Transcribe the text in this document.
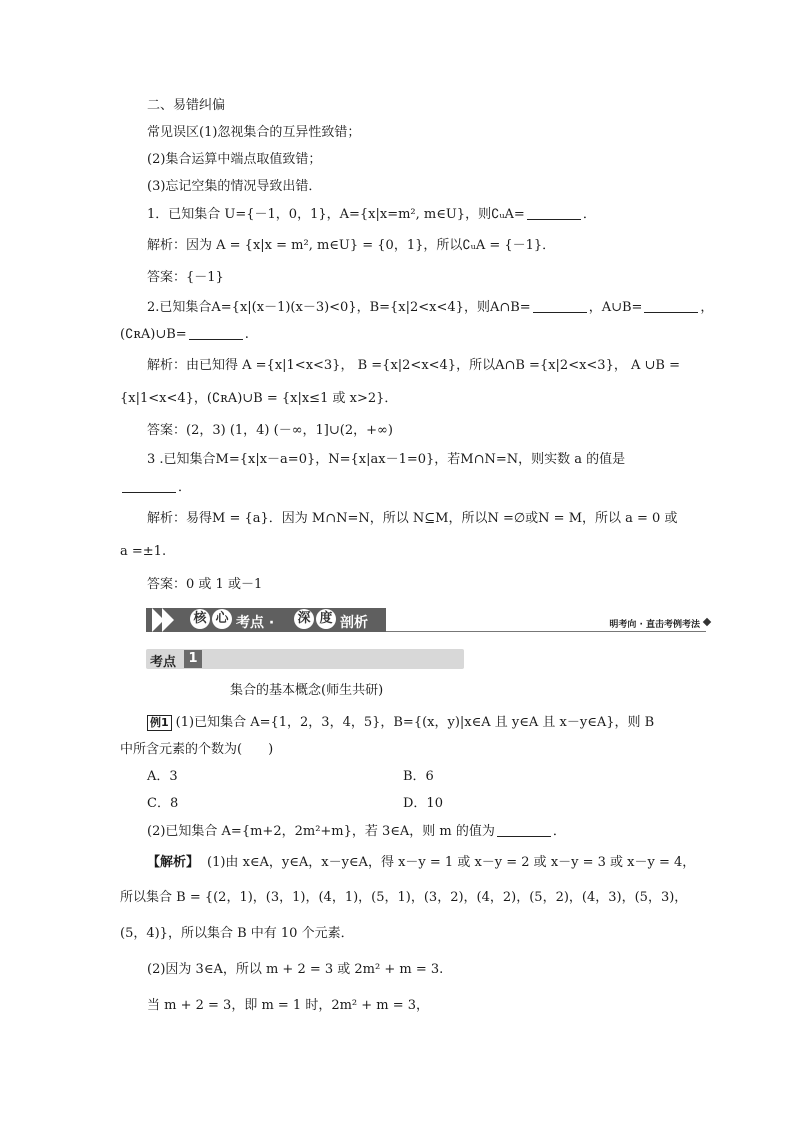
二、易错纠偏
常见误区(1)忽视集合的互异性致错；
(2)集合运算中端点取值致错；
(3)忘记空集的情况导致出错．
1．已知集合 U={－1，0，1}，A={x|x=m², m∈U}，则∁ᵤA=	．
解析：因为 A = {x|x = m², m∈U} = {0，1}，所以∁ᵤA = {－1}．
答案：{－1}
2.已知集合A={x|(x－1)(x－3)<0}，B={x|2<x<4}，则A∩B=	，A∪B=	，
(∁ʀA)∪B=	.
解析：由已知得 A ={x|1<x<3}， B ={x|2<x<4}，所以A∩B ={x|2<x<3}， A ∪B =
{x|1<x<4}，(∁ʀA)∪B = {x|x≤1 或 x>2}．
答案：(2，3) (1，4) (－∞，1]∪(2，+∞)
3 .已知集合M={x|x－a=0}，N={x|ax－1=0}，若M∩N=N，则实数 a 的值是
．
解析：易得M = {a}．因为 M∩N=N，所以 N⊆M，所以N =∅或N = M，所以 a = 0 或
a =±1.
答案：0 或 1 或－1
核 心 考点 · 深 度 剖析	明考向 · 直击考例考法
考点 1
集合的基本概念(师生共研)
例1 (1)已知集合 A={1，2，3，4，5}，B={(x，y)|x∈A 且 y∈A 且 x－y∈A}，则 B
中所含元素的个数为(　　)
A．3	B．6
C．8	D．10
(2)已知集合 A={m+2，2m²+m}，若 3∈A，则 m 的值为	．
【解析】 (1)由 x∈A，y∈A，x－y∈A，得 x－y = 1 或 x－y = 2 或 x－y = 3 或 x－y = 4，
所以集合 B = {(2，1)，(3，1)，(4，1)，(5，1)，(3，2)，(4，2)，(5，2)，(4，3)，(5，3)，
(5，4)}，所以集合 B 中有 10 个元素．
(2)因为 3∈A，所以 m + 2 = 3 或 2m² + m = 3.
当 m + 2 = 3，即 m = 1 时，2m² + m = 3，
